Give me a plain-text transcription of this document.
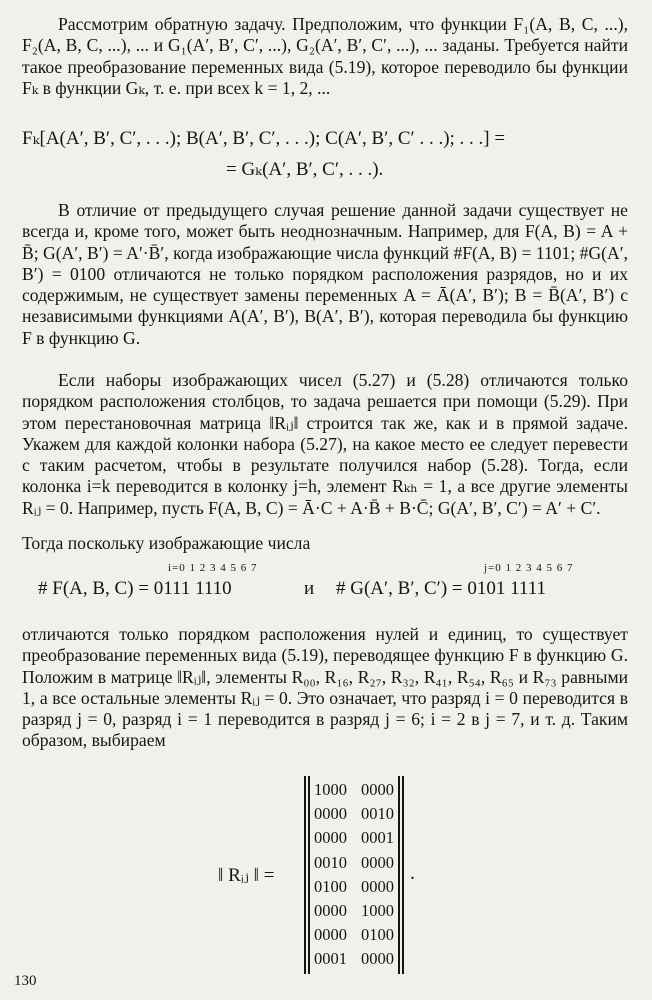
Рассмотрим обратную задачу. Предположим, что функции F₁(A, B, C, ...), F₂(A, B, C, ...), ... и G₁(A′, B′, C′, ...), G₂(A′, B′, C′, ...), ... заданы. Требуется найти такое преобразование переменных вида (5.19), которое переводило бы функции Fₖ в функции Gₖ, т. е. при всех k = 1, 2, ...

Fₖ[A(A′, B′, C′, . . .); B(A′, B′, C′, . . .); C(A′, B′, C′ . . .); . . .] =
= Gₖ(A′, B′, C′, . . .).

В отличие от предыдущего случая решение данной задачи существует не всегда и, кроме того, может быть неоднозначным. Например, для F(A, B) = A + B̄; G(A′, B′) = A′·B̄′, когда изображающие числа функций #F(A, B) = 1101; #G(A′, B′) = 0100 отличаются не только порядком расположения разрядов, но и их содержимым, не существует замены переменных A = Ā(A′, B′); B = B̄(A′, B′) с независимыми функциями A(A′, B′), B(A′, B′), которая переводила бы функцию F в функцию G.

Если наборы изображающих чисел (5.27) и (5.28) отличаются только порядком расположения столбцов, то задача решается при помощи (5.29). При этом перестановочная матрица ‖Rᵢⱼ‖ строится так же, как и в прямой задаче. Укажем для каждой колонки набора (5.27), на какое место ее следует перевести с таким расчетом, чтобы в результате получился набор (5.28). Тогда, если колонка i=k переводится в колонку j=h, элемент Rₖₕ = 1, а все другие элементы Rᵢⱼ = 0. Например, пусть F(A, B, C) = Ā·C + A·B̄ + B·C̄; G(A′, B′, C′) = A′ + C′.

Тогда поскольку изображающие числа

i=0 1 2 3 4 5 6 7
# F(A, B, C) = 0111 1110	и
j=0 1 2 3 4 5 6 7
# G(A′, B′, C′) = 0101 1111

отличаются только порядком расположения нулей и единиц, то существует преобразование переменных вида (5.19), переводящее функцию F в функцию G. Положим в матрице ‖Rᵢⱼ‖, элементы R₀₀, R₁₆, R₂₇, R₃₂, R₄₁, R₅₄, R₆₅ и R₇₃ равными 1, а все остальные элементы Rᵢⱼ = 0. Это означает, что разряд i = 0 переводится в разряд j = 0, разряд i = 1 переводится в разряд j = 6; i = 2 в j = 7, и т. д. Таким образом, выбираем

‖ Rᵢⱼ ‖ =
1000 0000
0000 0010
0000 0001
0010 0000
0100 0000
0000 1000
0000 0100
0001 0000
.
130
